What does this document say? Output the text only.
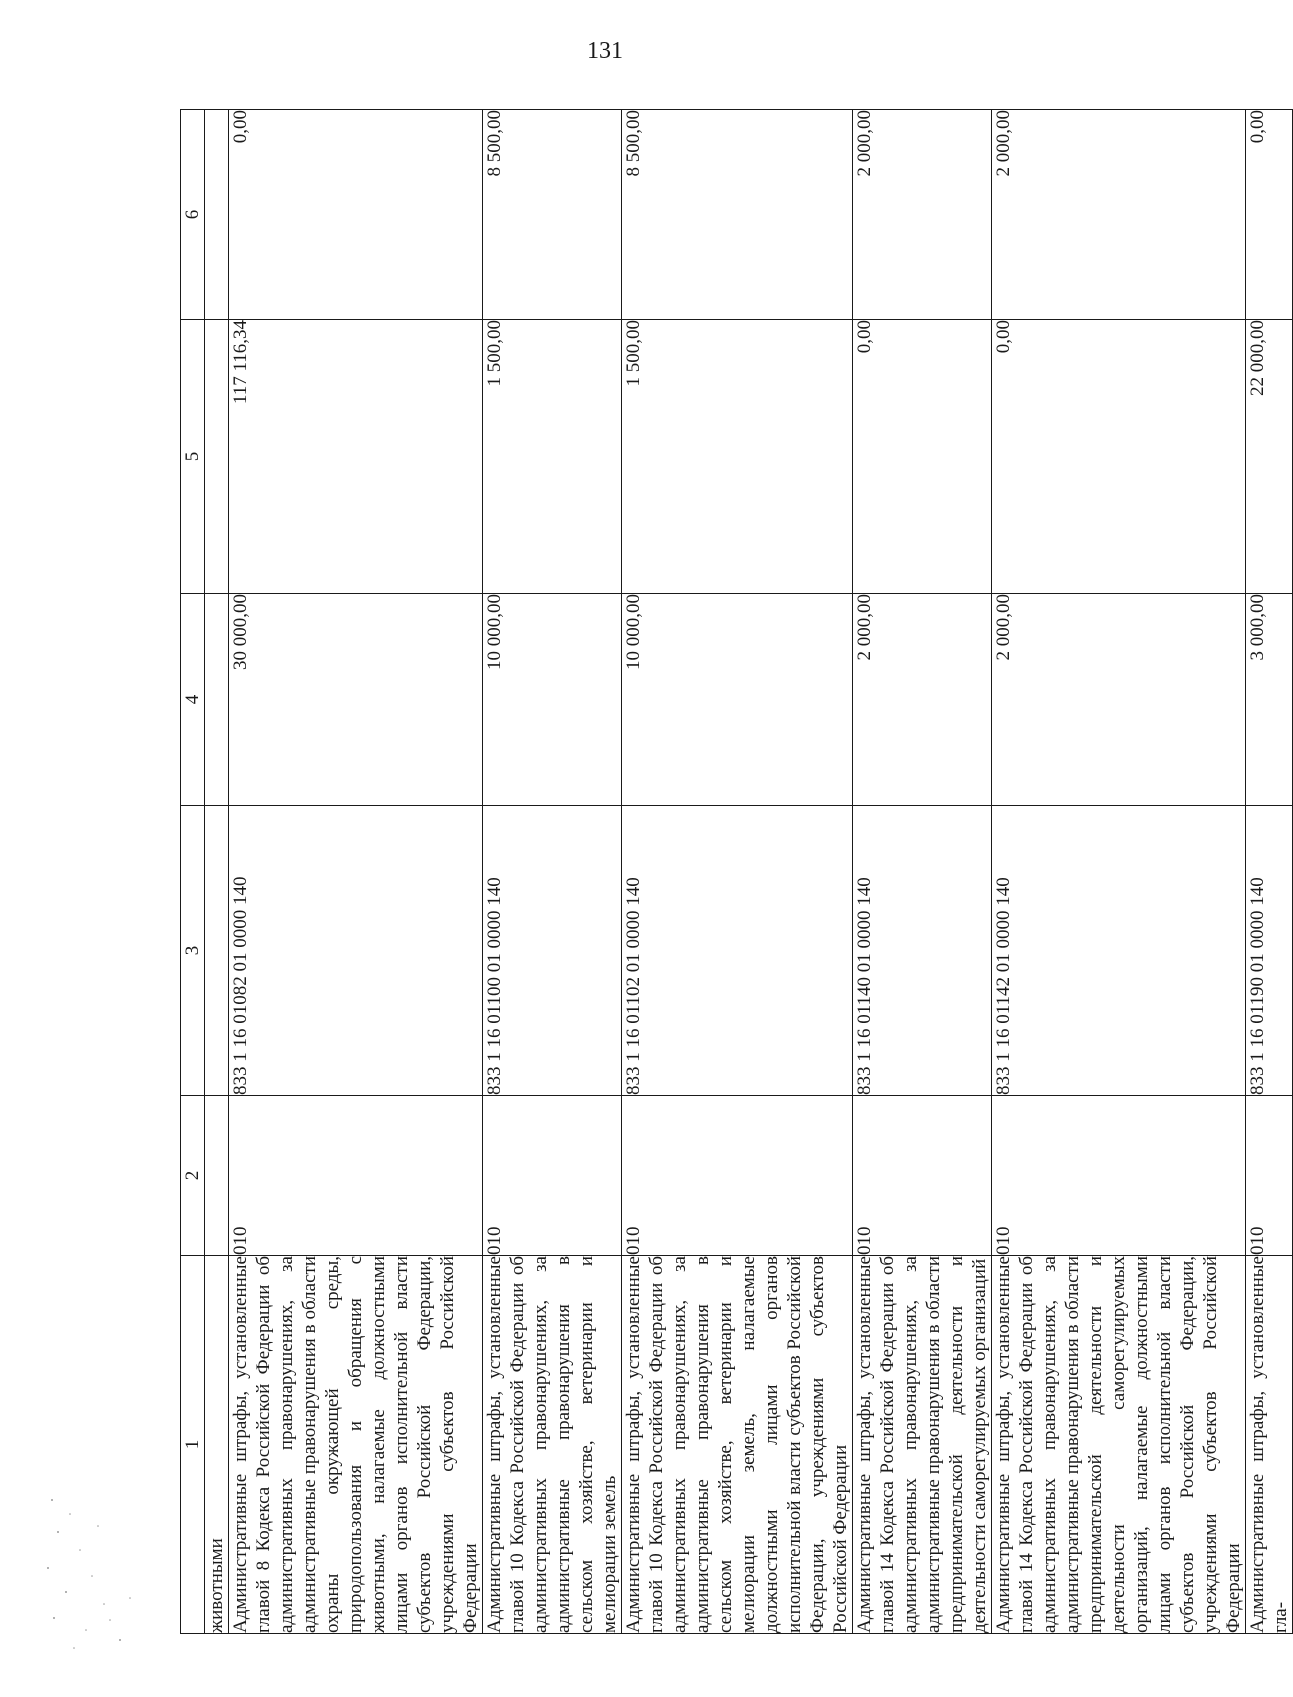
131
1	2	3	4	5	6
животными					
Административные штрафы, установленные главой 8 Кодекса Российской Федерации об административных правонарушениях, за административные правонарушения в области охраны окружающей среды, природопользования и обращения с животными, налагаемые должностными лицами органов исполнительной власти субъектов Российской Федерации, учреждениями субъектов Российской Федерации	010	833 1 16 01082 01 0000 140	30 000,00	117 116,34	0,00
Административные штрафы, установленные главой 10 Кодекса Российской Федерации об административных правонарушениях, за административные правонарушения в сельском хозяйстве, ветеринарии и мелиорации земель	010	833 1 16 01100 01 0000 140	10 000,00	1 500,00	8 500,00
Административные штрафы, установленные главой 10 Кодекса Российской Федерации об административных правонарушениях, за административные правонарушения в сельском хозяйстве, ветеринарии и мелиорации земель, налагаемые должностными лицами органов исполнительной власти субъектов Российской Федерации, учреждениями субъектов Российской Федерации	010	833 1 16 01102 01 0000 140	10 000,00	1 500,00	8 500,00
Административные штрафы, установленные главой 14 Кодекса Российской Федерации об административных правонарушениях, за административные правонарушения в области предпринимательской деятельности и деятельности саморегулируемых организаций	010	833 1 16 01140 01 0000 140	2 000,00	0,00	2 000,00
Административные штрафы, установленные главой 14 Кодекса Российской Федерации об административных правонарушениях, за административные правонарушения в области предпринимательской деятельности и деятельности саморегулируемых организаций, налагаемые должностными лицами органов исполнительной власти субъектов Российской Федерации, учреждениями субъектов Российской Федерации	010	833 1 16 01142 01 0000 140	2 000,00	0,00	2 000,00
Административные штрафы, установленные гла-	010	833 1 16 01190 01 0000 140	3 000,00	22 000,00	0,00
